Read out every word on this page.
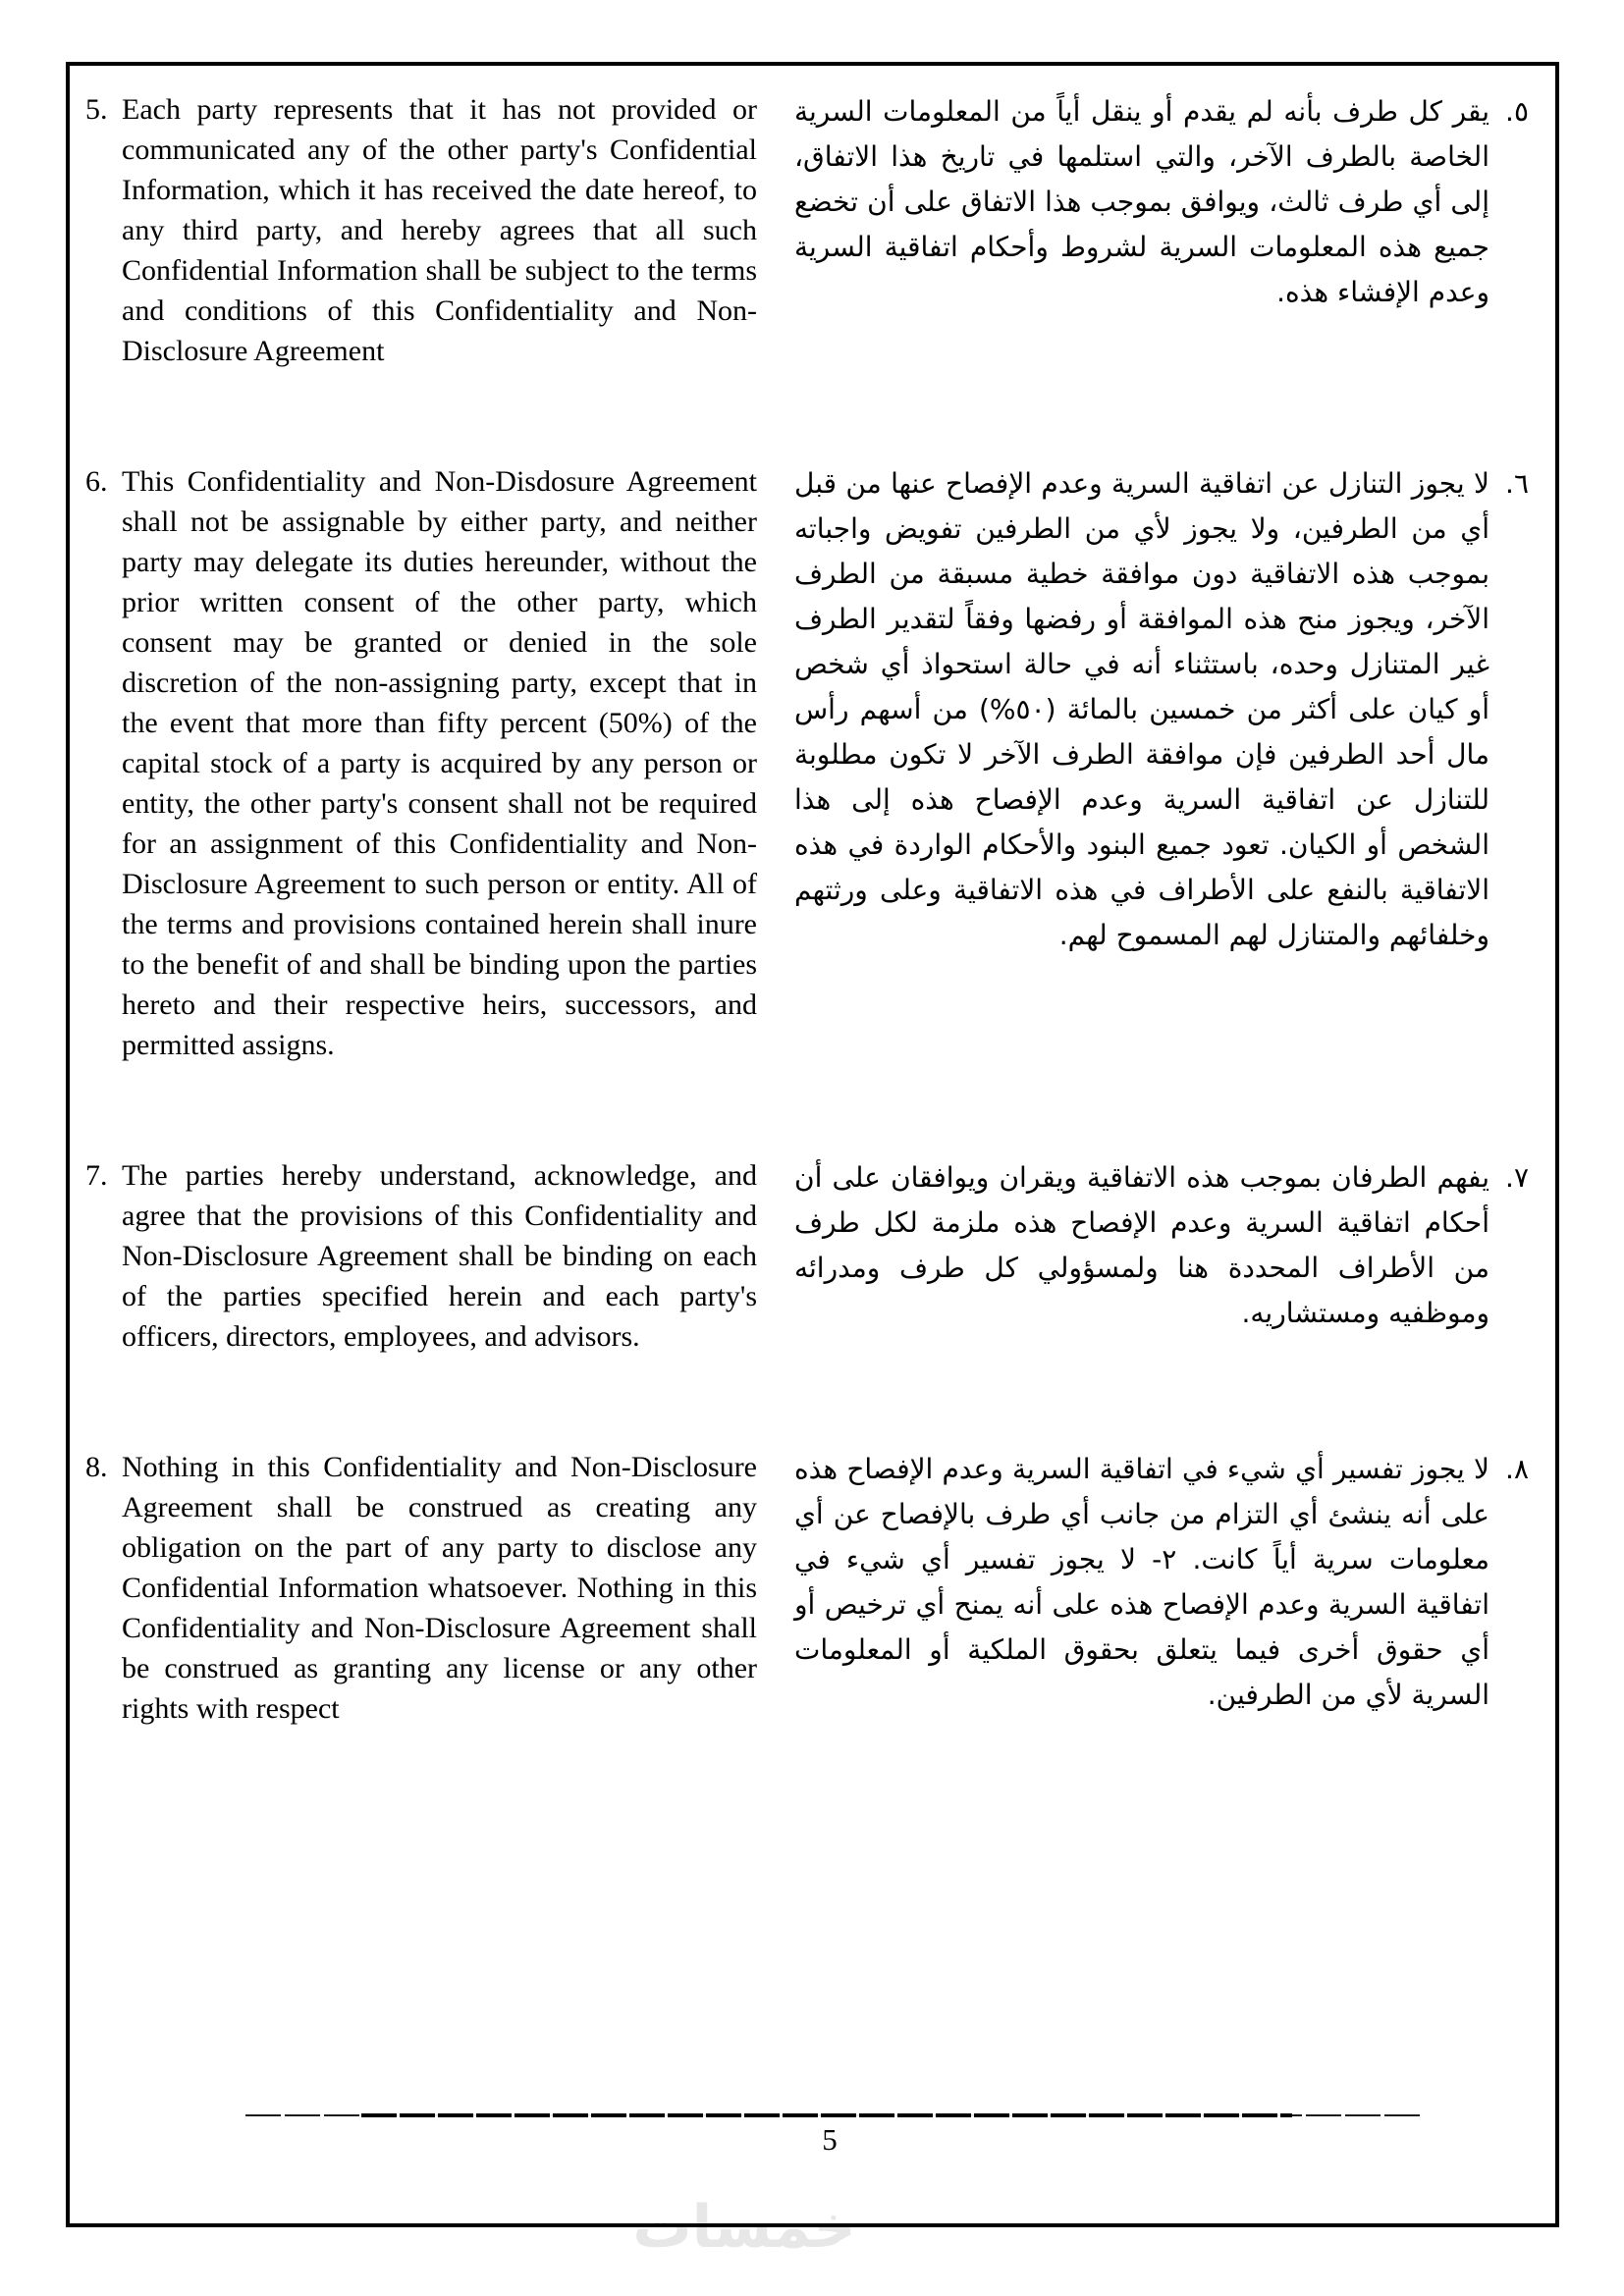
خمسات

5. Each party represents that it has not provided or communicated any of the other party's Confidential Information, which it has received the date hereof, to any third party, and hereby agrees that all such Confidential Information shall be subject to the terms and conditions of this Confidentiality and Non-Disclosure Agreement

٥.يقر كل طرف بأنه لم يقدم أو ينقل أياً من المعلومات السرية الخاصة بالطرف الآخر، والتي استلمها في تاريخ هذا الاتفاق، إلى أي طرف ثالث، ويوافق بموجب هذا الاتفاق على أن تخضع جميع هذه المعلومات السرية لشروط وأحكام اتفاقية السرية وعدم الإفشاء هذه.

6. This Confidentiality and Non-Disdosure Agreement shall not be assignable by either party, and neither party may delegate its duties hereunder, without the prior written consent of the other party, which consent may be granted or denied in the sole discretion of the non-assigning party, except that in the event that more than fifty percent (50%) of the capital stock of a party is acquired by any person or entity, the other party's consent shall not be required for an assignment of this Confidentiality and Non-Disclosure Agreement to such person or entity. All of the terms and provisions contained herein shall inure to the benefit of and shall be binding upon the parties hereto and their respective heirs, successors, and permitted assigns.

٦.لا يجوز التنازل عن اتفاقية السرية وعدم الإفصاح عنها من قبل أي من الطرفين، ولا يجوز لأي من الطرفين تفويض واجباته بموجب هذه الاتفاقية دون موافقة خطية مسبقة من الطرف الآخر، ويجوز منح هذه الموافقة أو رفضها وفقاً لتقدير الطرف غير المتنازل وحده، باستثناء أنه في حالة استحواذ أي شخص أو كيان على أكثر من خمسين بالمائة (٥٠%) من أسهم رأس مال أحد الطرفين فإن موافقة الطرف الآخر لا تكون مطلوبة للتنازل عن اتفاقية السرية وعدم الإفصاح هذه إلى هذا الشخص أو الكيان. تعود جميع البنود والأحكام الواردة في هذه الاتفاقية بالنفع على الأطراف في هذه الاتفاقية وعلى ورثتهم وخلفائهم والمتنازل لهم المسموح لهم.

7. The parties hereby understand, acknowledge, and agree that the provisions of this Confidentiality and Non-Disclosure Agreement shall be binding on each of the parties specified herein and each party's officers, directors, employees, and advisors.

٧.يفهم الطرفان بموجب هذه الاتفاقية ويقران ويوافقان على أن أحكام اتفاقية السرية وعدم الإفصاح هذه ملزمة لكل طرف من الأطراف المحددة هنا ولمسؤولي كل طرف ومدرائه وموظفيه ومستشاريه.

8. Nothing in this Confidentiality and Non-Disclosure Agreement shall be construed as creating any obligation on the part of any party to disclose any Confidential Information whatsoever. Nothing in this Confidentiality and Non-Disclosure Agreement shall be construed as granting any license or any other rights with respect

٨.لا يجوز تفسير أي شيء في اتفاقية السرية وعدم الإفصاح هذه على أنه ينشئ أي التزام من جانب أي طرف بالإفصاح عن أي معلومات سرية أياً كانت. ٢- لا يجوز تفسير أي شيء في اتفاقية السرية وعدم الإفصاح هذه على أنه يمنح أي ترخيص أو أي حقوق أخرى فيما يتعلق بحقوق الملكية أو المعلومات السرية لأي من الطرفين.

5
